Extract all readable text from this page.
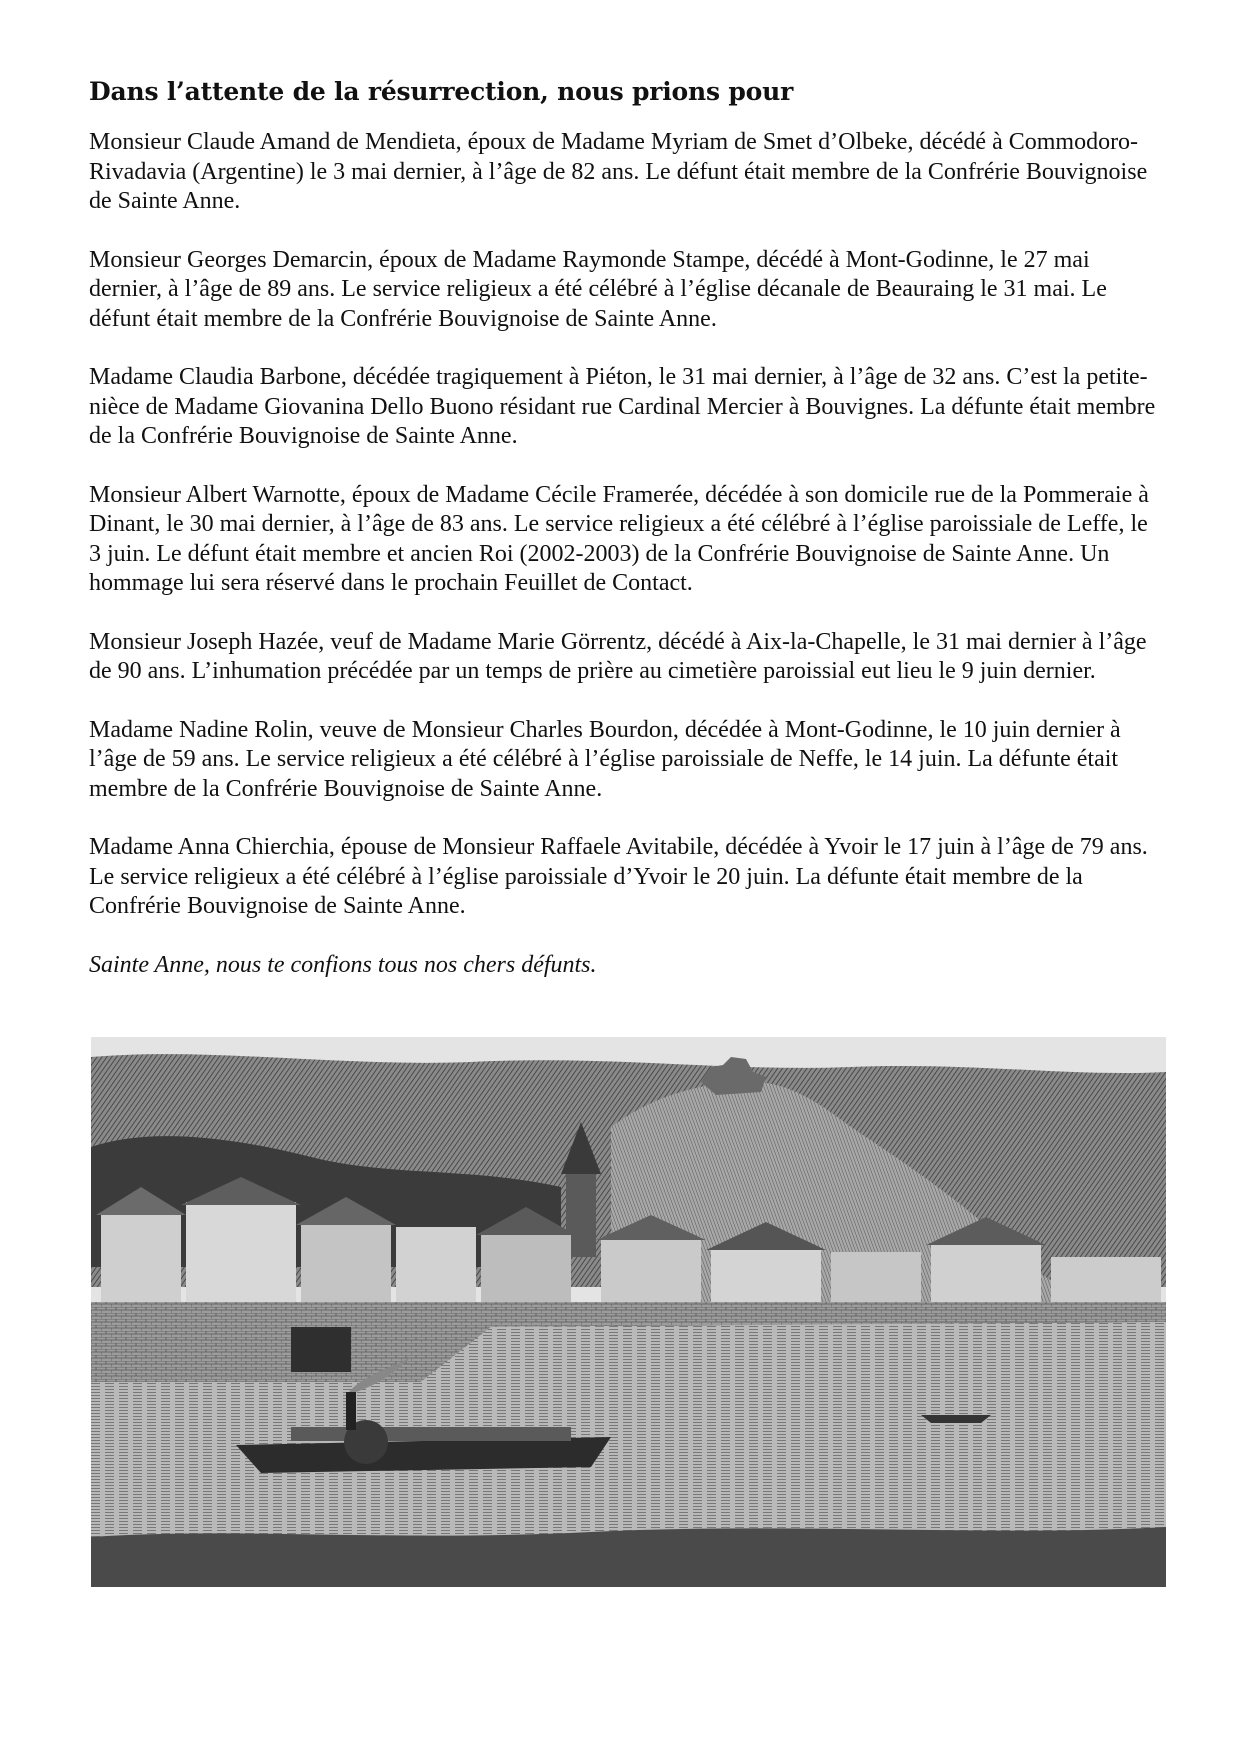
Dans l’attente de la résurrection, nous prions pour

Monsieur Claude Amand de Mendieta, époux de Madame Myriam de Smet d’Olbeke, décédé à Commodoro-Rivadavia (Argentine) le 3 mai dernier, à l’âge de 82 ans. Le défunt était membre de la Confrérie Bouvignoise de Sainte Anne.

Monsieur Georges Demarcin, époux de Madame Raymonde Stampe, décédé à Mont-Godinne, le 27 mai dernier, à l’âge de 89 ans. Le service religieux a été célébré à l’église décanale de Beauraing le 31 mai. Le défunt était membre de la Confrérie Bouvignoise de Sainte Anne.

Madame Claudia Barbone, décédée tragiquement à Piéton, le 31 mai dernier, à l’âge de 32 ans. C’est la petite-nièce de Madame Giovanina Dello Buono résidant rue Cardinal Mercier à Bouvignes. La défunte était membre de la Confrérie Bouvignoise de Sainte Anne.

Monsieur Albert Warnotte, époux de Madame Cécile Framerée, décédée à son domicile rue de la Pommeraie à Dinant, le 30 mai dernier, à l’âge de 83 ans. Le service religieux a été célébré à l’église paroissiale de Leffe, le 3 juin. Le défunt était membre et ancien Roi (2002-2003) de la Confrérie Bouvignoise de Sainte Anne. Un hommage lui sera réservé dans le prochain Feuillet de Contact.

Monsieur Joseph Hazée, veuf de Madame Marie Görrentz, décédé à Aix-la-Chapelle, le 31 mai dernier à l’âge de 90 ans. L’inhumation précédée par un temps de prière au cimetière paroissial eut lieu le 9 juin dernier.

Madame Nadine Rolin, veuve de Monsieur Charles Bourdon, décédée à Mont-Godinne, le 10 juin dernier à l’âge de 59 ans. Le service religieux a été célébré à l’église paroissiale de Neffe, le 14 juin. La défunte était membre de la Confrérie Bouvignoise de Sainte Anne.

Madame Anna Chierchia, épouse de Monsieur Raffaele Avitabile, décédée à Yvoir le 17 juin à l’âge de 79 ans. Le service religieux a été célébré à l’église paroissiale d’Yvoir le 20 juin. La défunte était membre de la Confrérie Bouvignoise de Sainte Anne.

Sainte Anne, nous te confions tous nos chers défunts.
